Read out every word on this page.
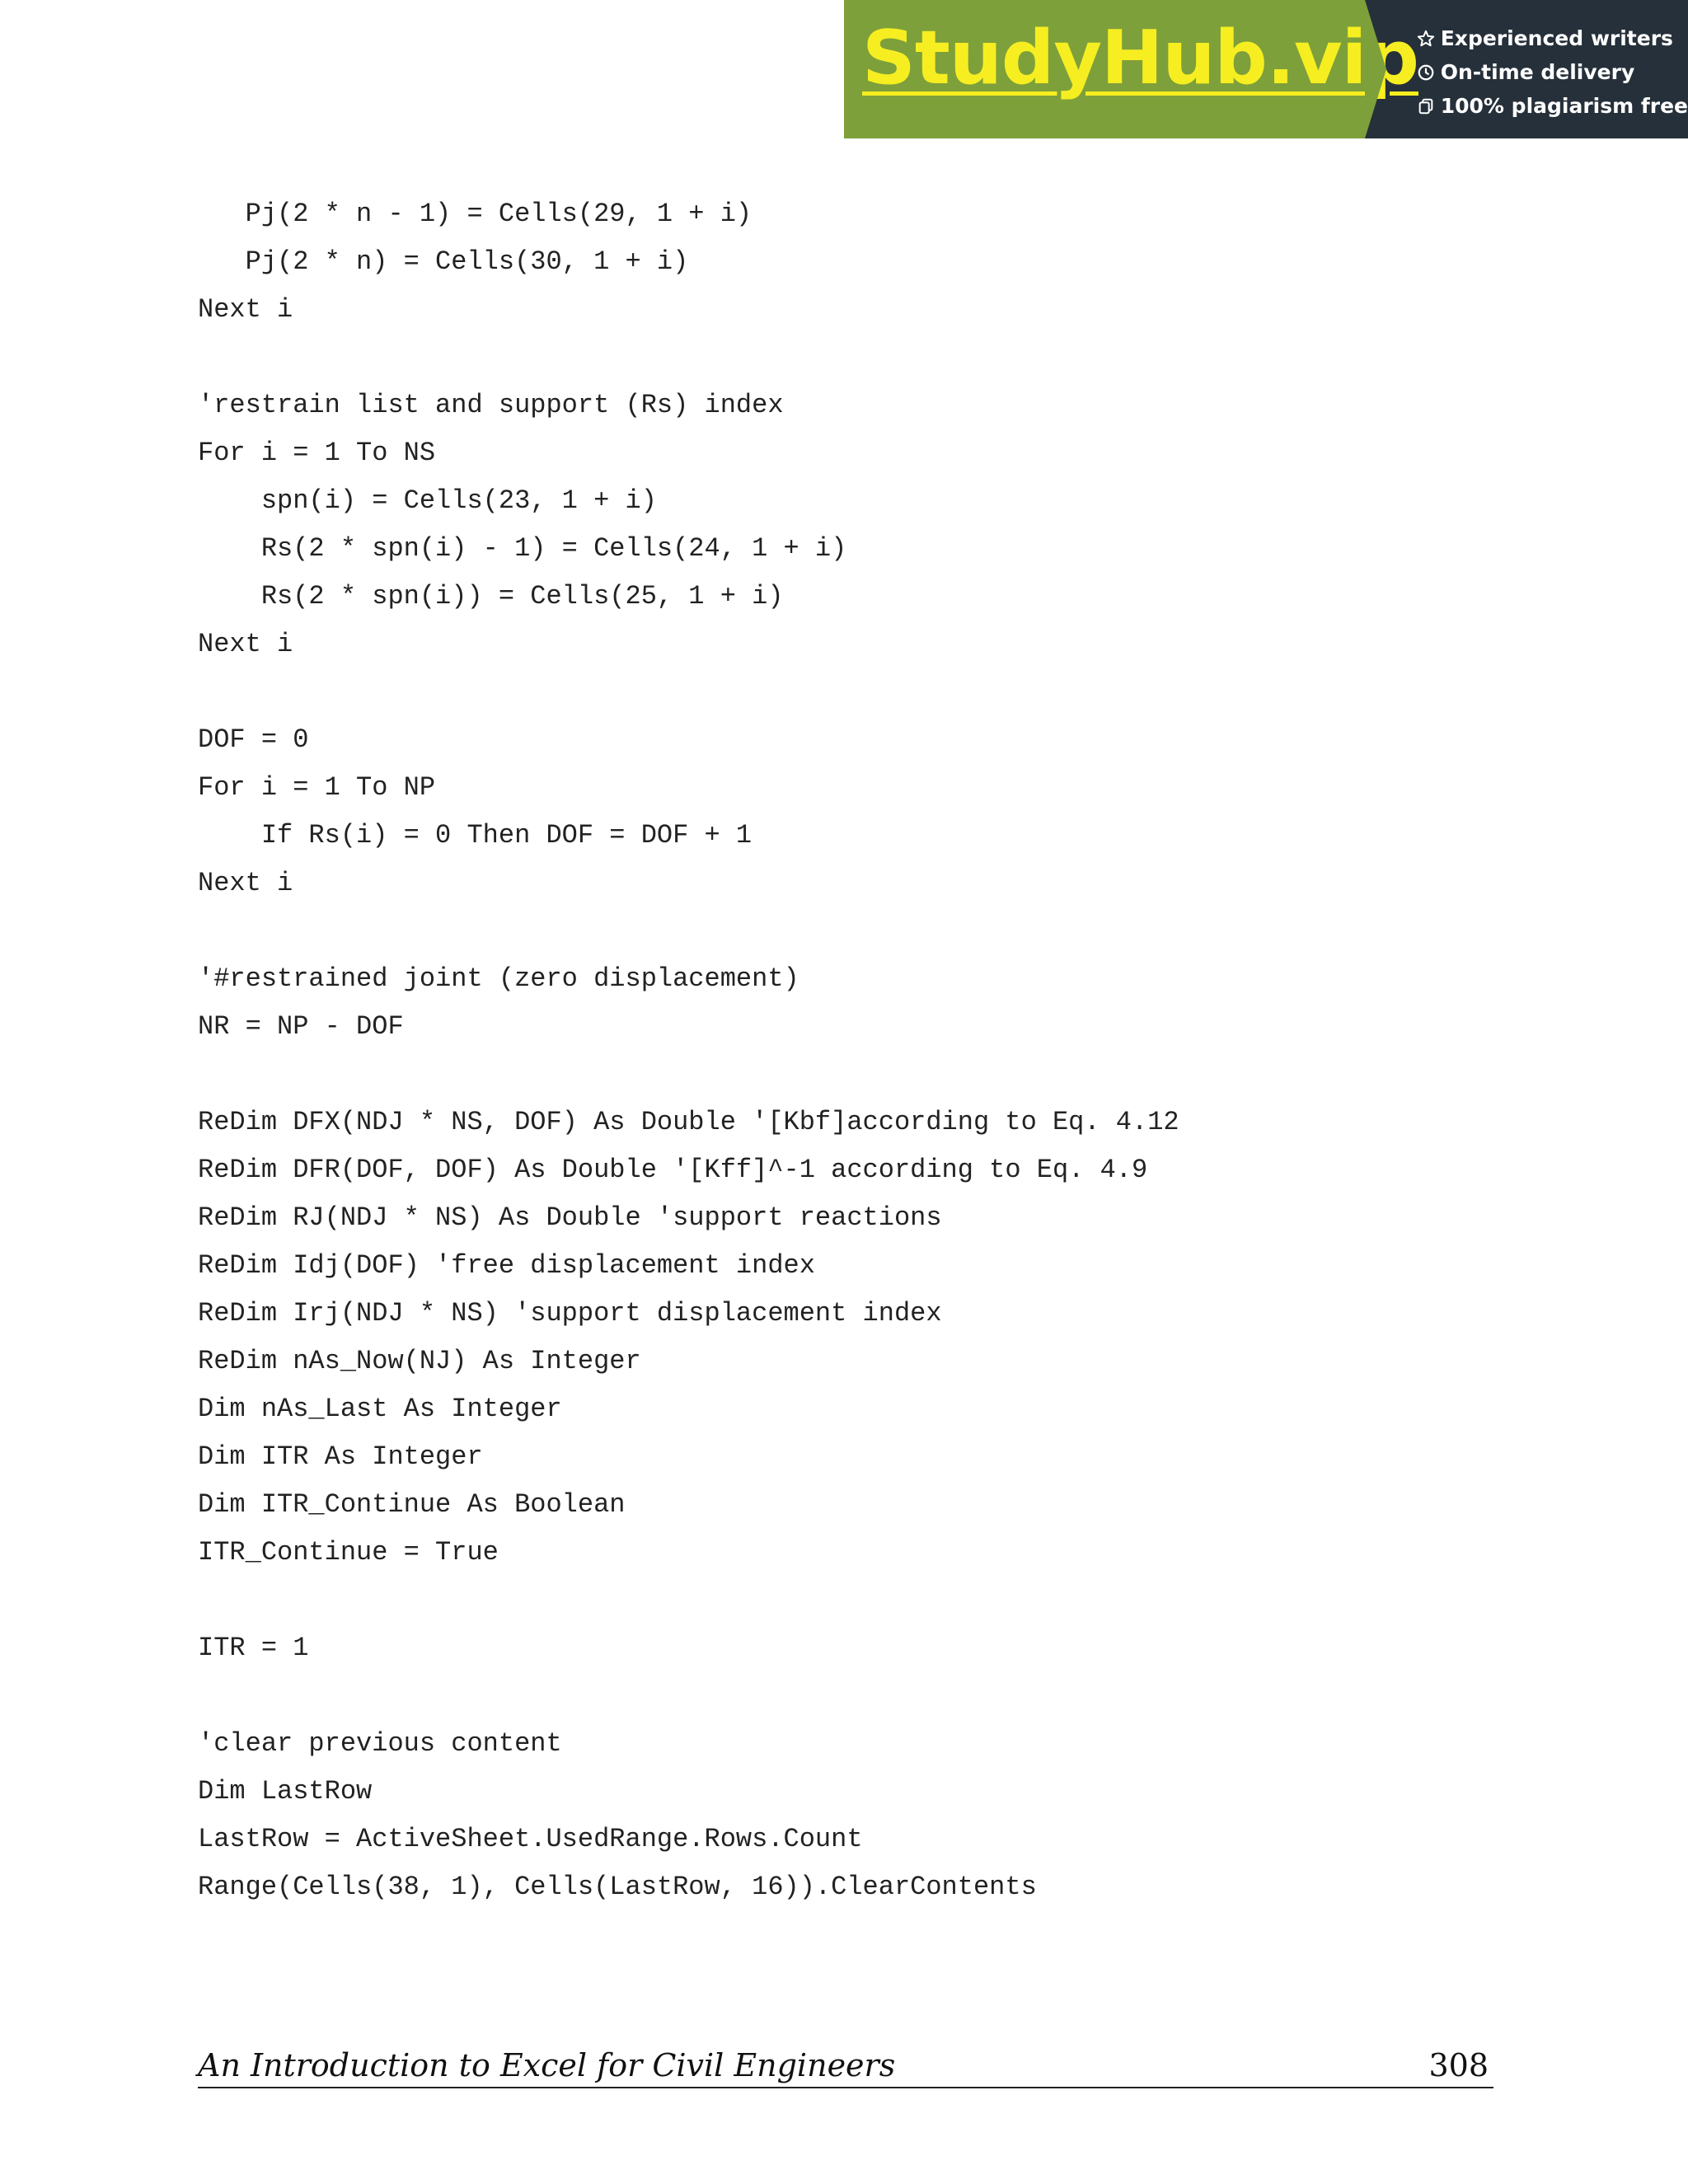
StudyHub.vip Experienced writers
On-time delivery
100% plagiarism free
Pj(2 * n - 1) = Cells(29, 1 + i)
Pj(2 * n) = Cells(30, 1 + i)
Next i
'restrain list and support (Rs) index
For i = 1 To NS
spn(i) = Cells(23, 1 + i)
Rs(2 * spn(i) - 1) = Cells(24, 1 + i)
Rs(2 * spn(i)) = Cells(25, 1 + i)
Next i
DOF = 0
For i = 1 To NP
If Rs(i) = 0 Then DOF = DOF + 1
Next i
'#restrained joint (zero displacement)
NR = NP - DOF
ReDim DFX(NDJ * NS, DOF) As Double '[Kbf]according to Eq. 4.12
ReDim DFR(DOF, DOF) As Double '[Kff]^-1 according to Eq. 4.9
ReDim RJ(NDJ * NS) As Double 'support reactions
ReDim Idj(DOF) 'free displacement index
ReDim Irj(NDJ * NS) 'support displacement index
ReDim nAs_Now(NJ) As Integer
Dim nAs_Last As Integer
Dim ITR As Integer
Dim ITR_Continue As Boolean
ITR_Continue = True
ITR = 1
'clear previous content
Dim LastRow
LastRow = ActiveSheet.UsedRange.Rows.Count
Range(Cells(38, 1), Cells(LastRow, 16)).ClearContents
An Introduction to Excel for Civil Engineers	308
